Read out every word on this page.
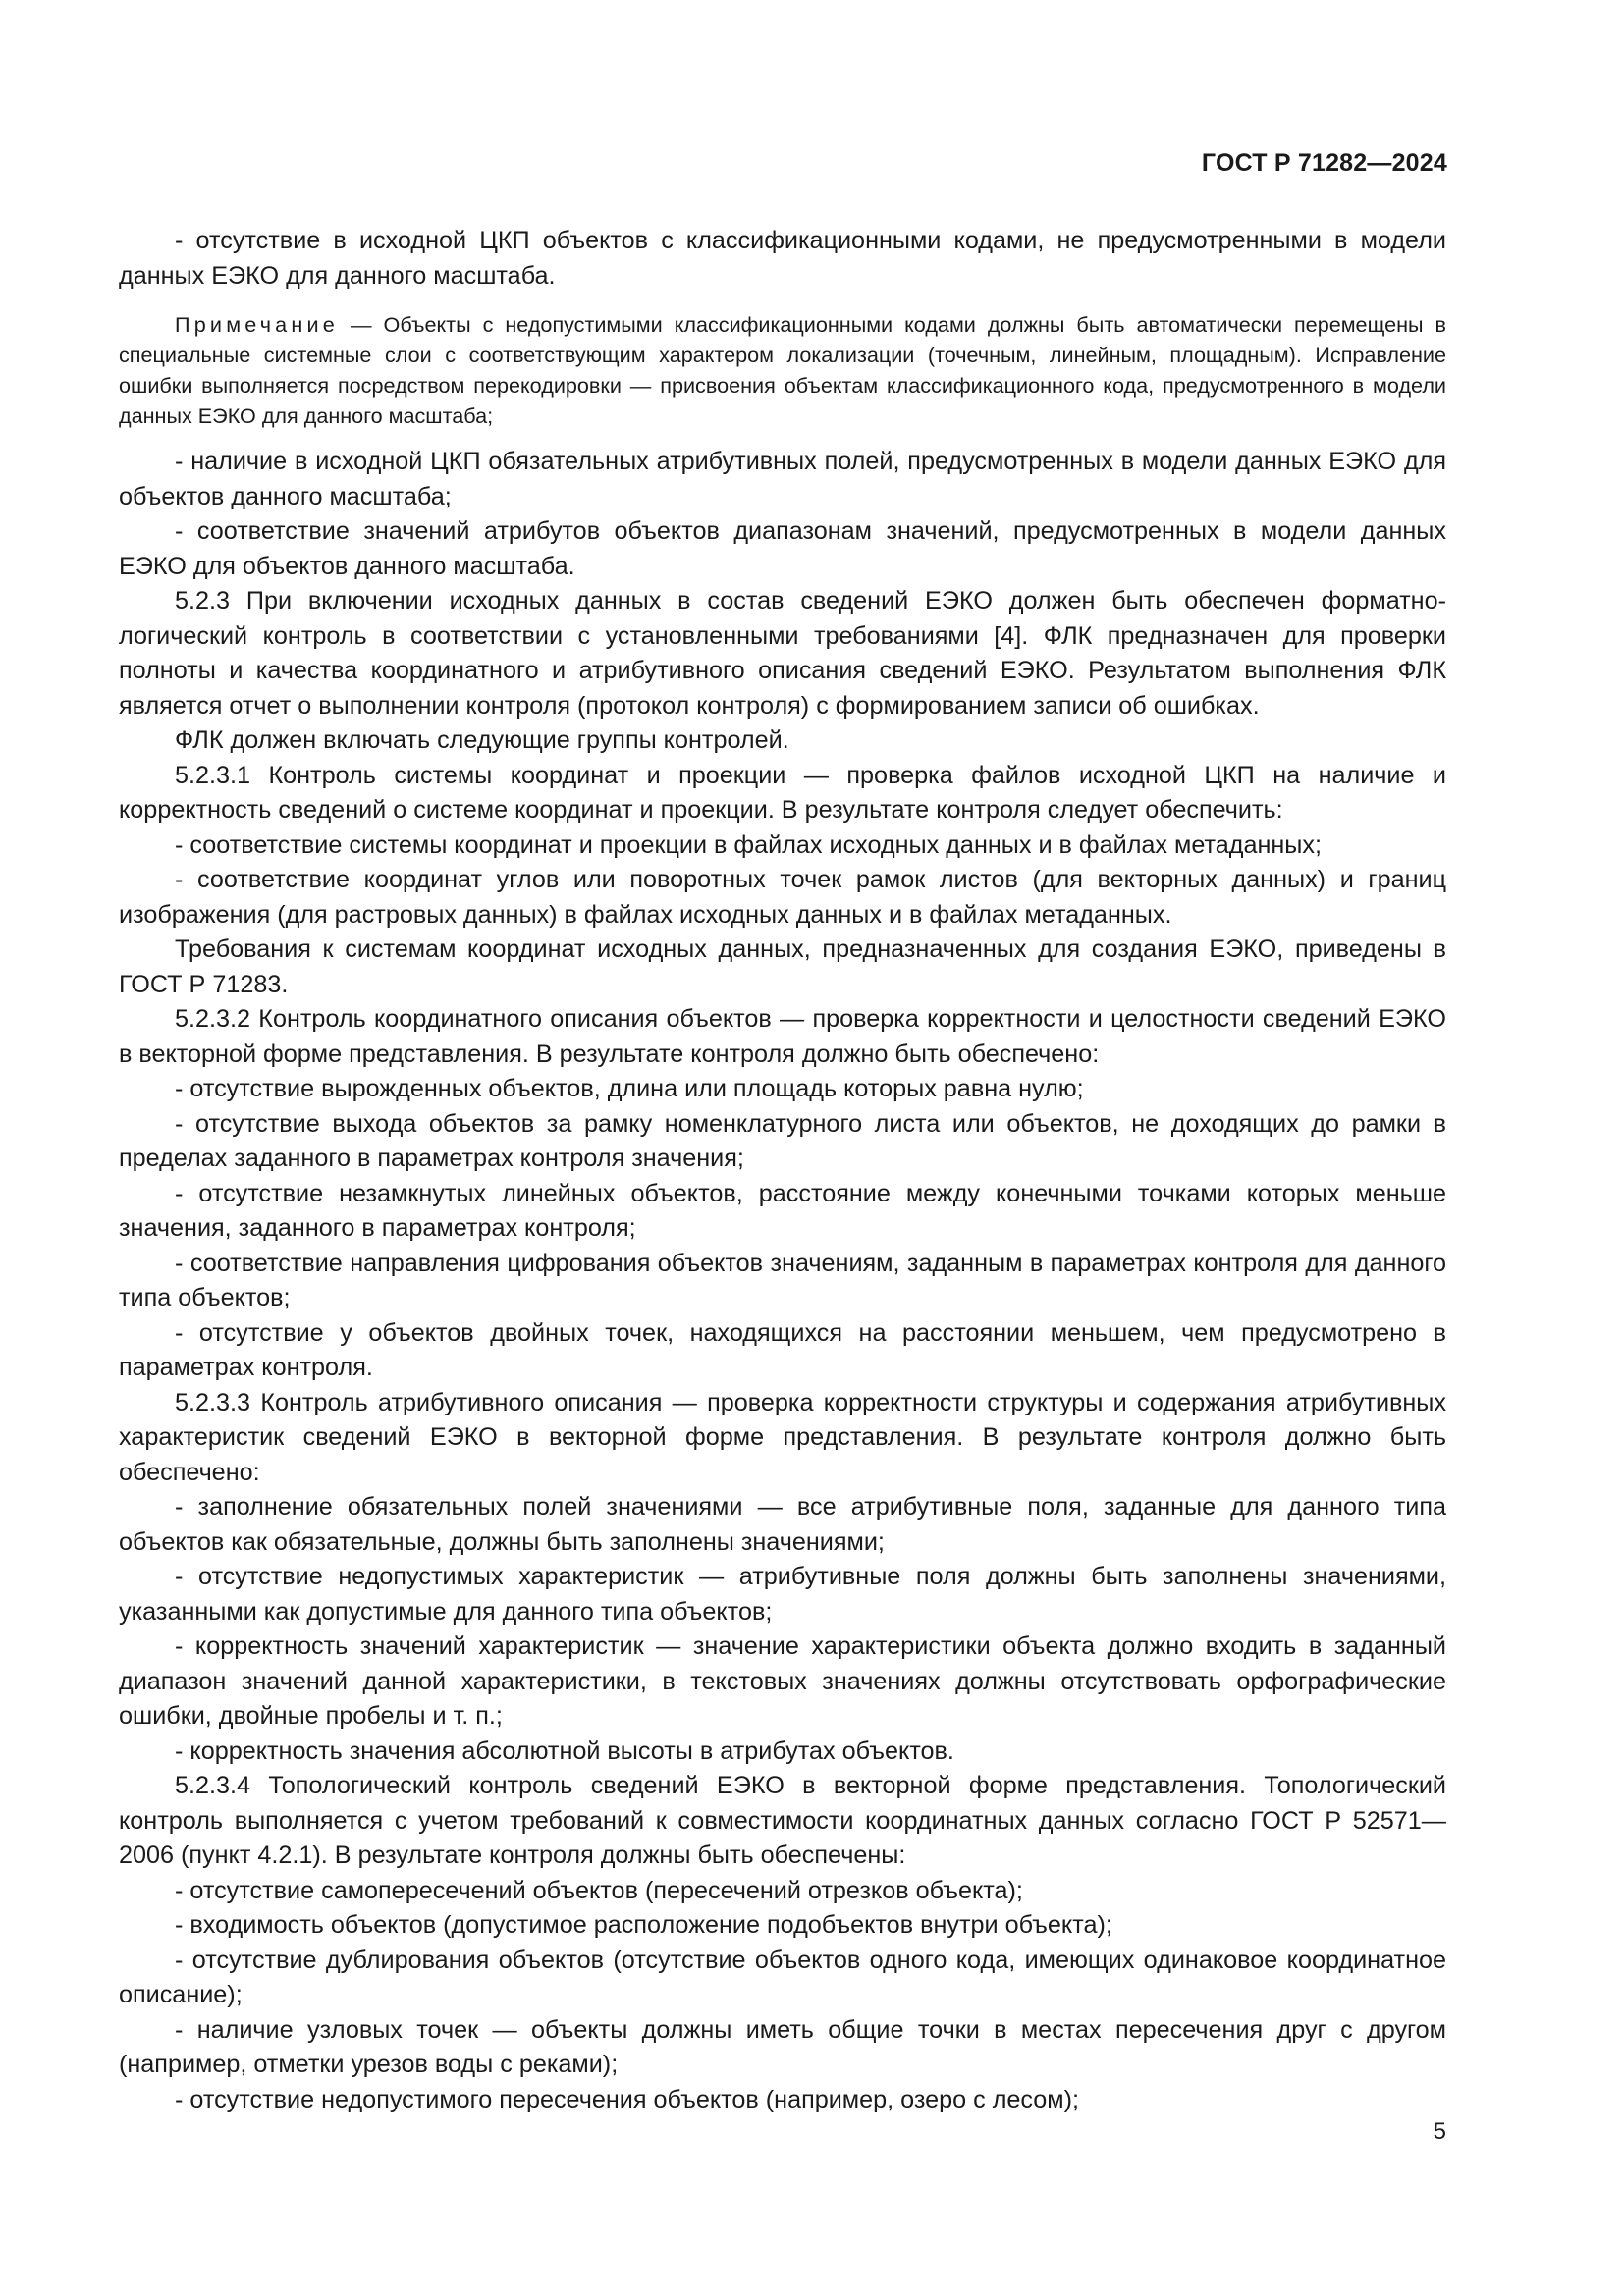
ГОСТ Р 71282—2024

- отсутствие в исходной ЦКП объектов с классификационными кодами, не предусмотренными в модели данных ЕЭКО для данного масштаба.

Примечание — Объекты с недопустимыми классификационными кодами должны быть автоматически перемещены в специальные системные слои с соответствующим характером локализации (точечным, линейным, площадным). Исправление ошибки выполняется посредством перекодировки — присвоения объектам классификационного кода, предусмотренного в модели данных ЕЭКО для данного масштаба;

- наличие в исходной ЦКП обязательных атрибутивных полей, предусмотренных в модели данных ЕЭКО для объектов данного масштаба;

- соответствие значений атрибутов объектов диапазонам значений, предусмотренных в модели данных ЕЭКО для объектов данного масштаба.

5.2.3 При включении исходных данных в состав сведений ЕЭКО должен быть обеспечен форматно-логический контроль в соответствии с установленными требованиями [4]. ФЛК предназначен для проверки полноты и качества координатного и атрибутивного описания сведений ЕЭКО. Результатом выполнения ФЛК является отчет о выполнении контроля (протокол контроля) с формированием записи об ошибках.

ФЛК должен включать следующие группы контролей.

5.2.3.1 Контроль системы координат и проекции — проверка файлов исходной ЦКП на наличие и корректность сведений о системе координат и проекции. В результате контроля следует обеспечить:

- соответствие системы координат и проекции в файлах исходных данных и в файлах метаданных;

- соответствие координат углов или поворотных точек рамок листов (для векторных данных) и границ изображения (для растровых данных) в файлах исходных данных и в файлах метаданных.

Требования к системам координат исходных данных, предназначенных для создания ЕЭКО, приведены в ГОСТ Р 71283.

5.2.3.2 Контроль координатного описания объектов — проверка корректности и целостности сведений ЕЭКО в векторной форме представления. В результате контроля должно быть обеспечено:

- отсутствие вырожденных объектов, длина или площадь которых равна нулю;

- отсутствие выхода объектов за рамку номенклатурного листа или объектов, не доходящих до рамки в пределах заданного в параметрах контроля значения;

- отсутствие незамкнутых линейных объектов, расстояние между конечными точками которых меньше значения, заданного в параметрах контроля;

- соответствие направления цифрования объектов значениям, заданным в параметрах контроля для данного типа объектов;

- отсутствие у объектов двойных точек, находящихся на расстоянии меньшем, чем предусмотрено в параметрах контроля.

5.2.3.3 Контроль атрибутивного описания — проверка корректности структуры и содержания атрибутивных характеристик сведений ЕЭКО в векторной форме представления. В результате контроля должно быть обеспечено:

- заполнение обязательных полей значениями — все атрибутивные поля, заданные для данного типа объектов как обязательные, должны быть заполнены значениями;

- отсутствие недопустимых характеристик — атрибутивные поля должны быть заполнены значениями, указанными как допустимые для данного типа объектов;

- корректность значений характеристик — значение характеристики объекта должно входить в заданный диапазон значений данной характеристики, в текстовых значениях должны отсутствовать орфографические ошибки, двойные пробелы и т. п.;

- корректность значения абсолютной высоты в атрибутах объектов.

5.2.3.4 Топологический контроль сведений ЕЭКО в векторной форме представления. Топологический контроль выполняется с учетом требований к совместимости координатных данных согласно ГОСТ Р 52571—2006 (пункт 4.2.1). В результате контроля должны быть обеспечены:

- отсутствие самопересечений объектов (пересечений отрезков объекта);

- входимость объектов (допустимое расположение подобъектов внутри объекта);

- отсутствие дублирования объектов (отсутствие объектов одного кода, имеющих одинаковое координатное описание);

- наличие узловых точек — объекты должны иметь общие точки в местах пересечения друг с другом (например, отметки урезов воды с реками);

- отсутствие недопустимого пересечения объектов (например, озеро с лесом);

5
